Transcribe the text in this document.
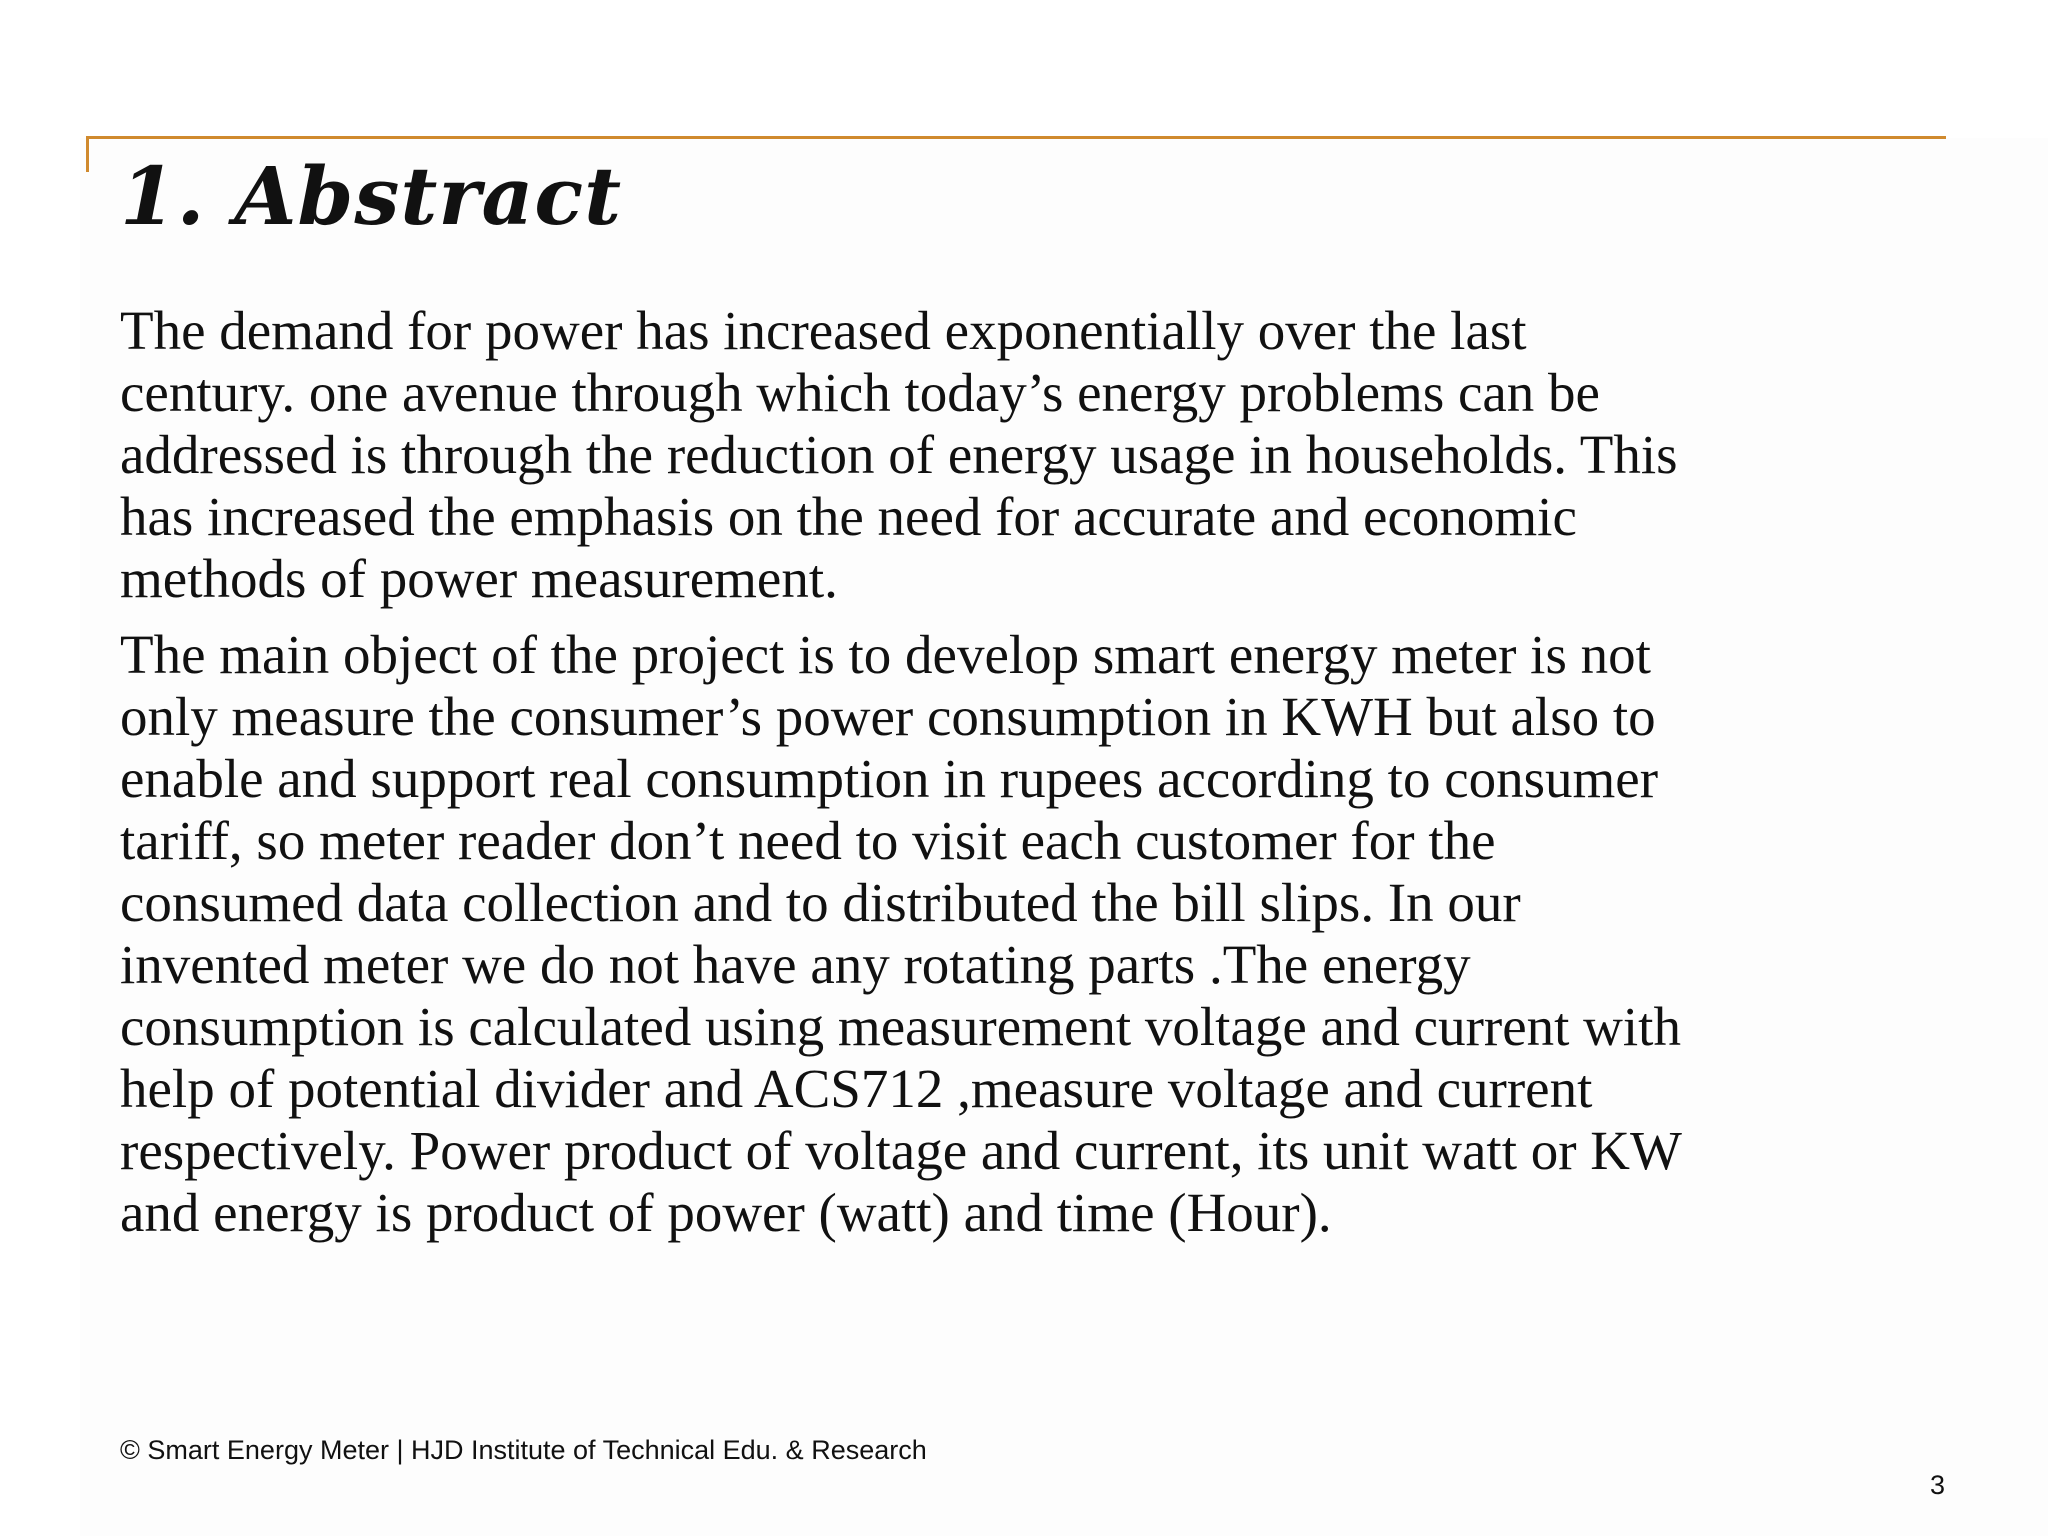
1. Abstract

The demand for power has increased exponentially over the last
century. one avenue through which today’s energy problems can be
addressed is through the reduction of energy usage in households. This
has increased the emphasis on the need for accurate and economic
methods of power measurement.

The main object of the project is to develop smart energy meter is not
only measure the consumer’s power consumption in KWH but also to
enable and support real consumption in rupees according to consumer
tariff, so meter reader don’t need to visit each customer for the
consumed data collection and to distributed the bill slips. In our
invented meter we do not have any rotating parts .The energy
consumption is calculated using measurement voltage and current with
help of potential divider and ACS712 ,measure voltage and current
respectively. Power product of voltage and current, its unit watt or KW
and energy is product of power (watt) and time (Hour).

© Smart Energy Meter | HJD Institute of Technical Edu. & Research
3
